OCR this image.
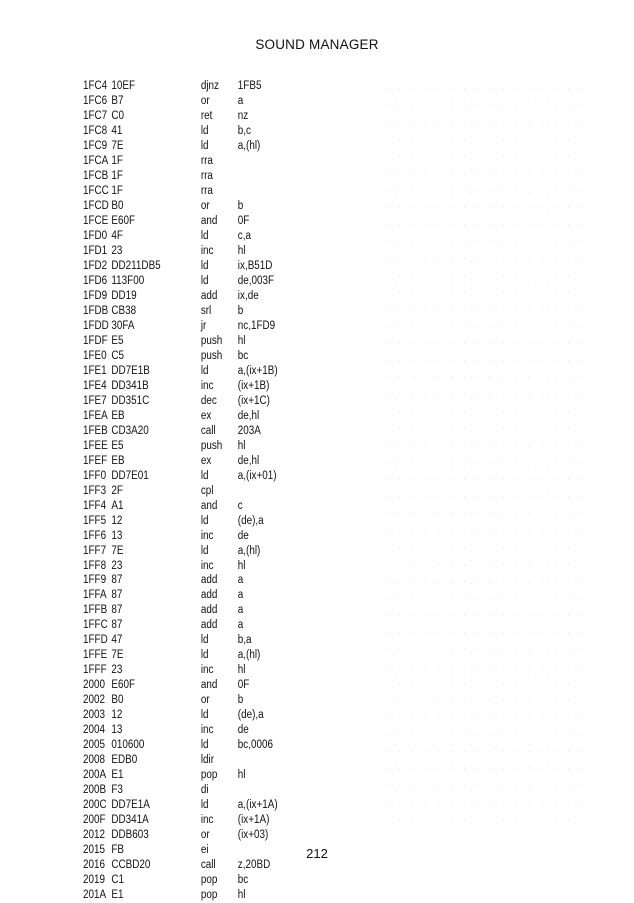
SOUND MANAGER
1FC4 10EF	djnz 1FB5
1FC6 B7	or a
1FC7 C0	ret nz
1FC8 41	ld	b,c
1FC9 7E	ld	a,(hl)
1FCA 1F	rra
1FCB 1F	rra
1FCC 1F	rra
1FCD B0	or b
1FCE E60F	and 0F
1FD0 4F	ld	c,a
1FD1 23	inc hl
1FD2 DD211DB5	ld	ix,B51D
1FD6 113F00	ld	de,003F
1FD9 DD19	add ix,de
1FDB CB38	srl b
1FDD 30FA	jr	nc,1FD9
1FDF E5	push hl
1FE0 C5	push bc
1FE1 DD7E1B	ld	a,(ix+1B)
1FE4 DD341B	inc (ix+1B)
1FE7 DD351C	dec (ix+1C)
1FEA EB	ex de,hl
1FEB CD3A20	call 203A
1FEE E5	push hl
1FEF EB	ex de,hl
1FF0 DD7E01	ld	a,(ix+01)
1FF3 2F	cpl
1FF4 A1	and c
1FF5 12	ld	(de),a
1FF6 13	inc de
1FF7 7E	ld	a,(hl)
1FF8 23	inc hl
1FF9 87	add a
1FFA 87	add a
1FFB 87	add a
1FFC 87	add a
1FFD 47	ld	b,a
1FFE 7E	ld	a,(hl)
1FFF 23	inc hl
2000 E60F	and 0F
2002 B0	or b
2003 12	ld	(de),a
2004 13	inc de
2005 010600	ld	bc,0006
2008 EDB0	ldir
200A E1	pop hl
200B F3	di
200C DD7E1A	ld	a,(ix+1A)
200F DD341A	inc (ix+1A)
2012 DDB603	or (ix+03)
2015 FB	ei
2016 CCBD20	call z,20BD
2019 C1	pop bc
201A E1	pop hl
212
